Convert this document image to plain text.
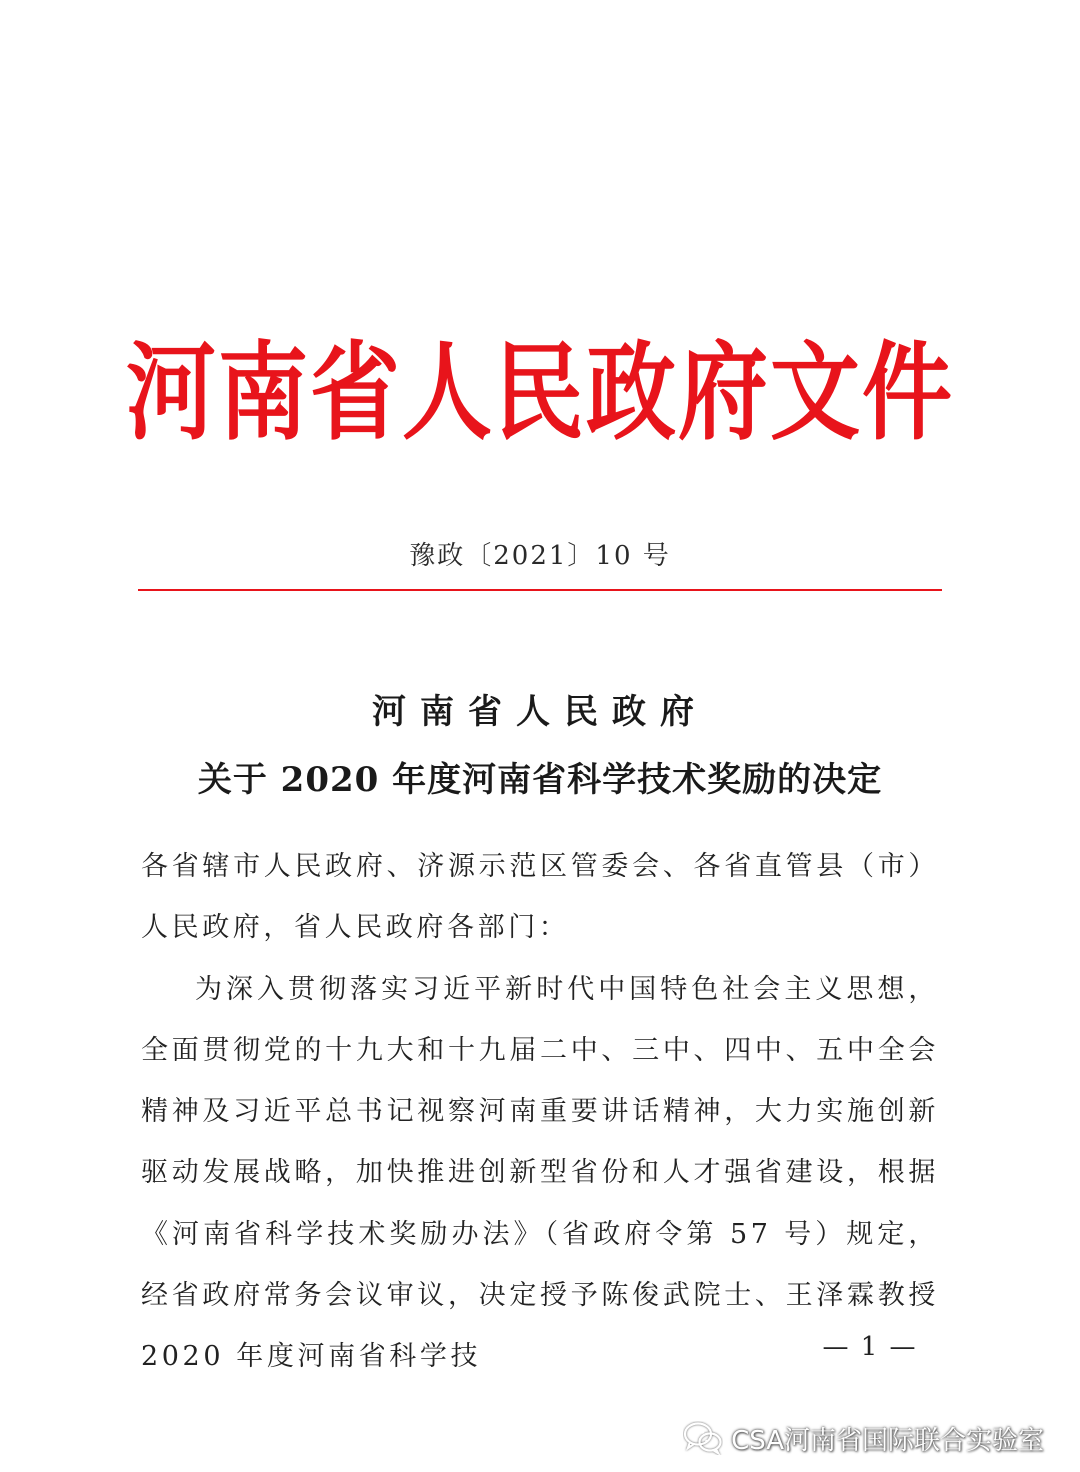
河南省人民政府文件
豫政〔2021〕10 号
河南省人民政府
关于 2020 年度河南省科学技术奖励的决定

各省辖市人民政府、济源示范区管委会、各省直管县（市）人民政府，省人民政府各部门：

为深入贯彻落实习近平新时代中国特色社会主义思想，全面贯彻党的十九大和十九届二中、三中、四中、五中全会精神及习近平总书记视察河南重要讲话精神，大力实施创新驱动发展战略，加快推进创新型省份和人才强省建设，根据《河南省科学技术奖励办法》（省政府令第 57 号）规定，经省政府常务会议审议，决定授予陈俊武院士、王泽霖教授 2020 年度河南省科学技	— 1 —
CSA河南省国际联合实验室
